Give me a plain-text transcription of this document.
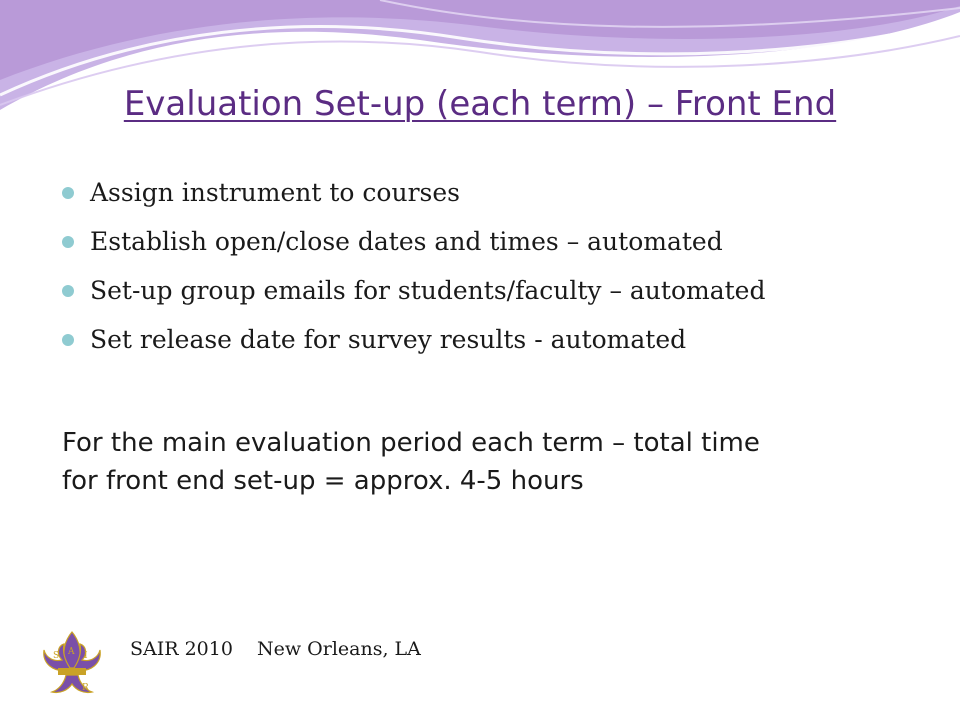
Evaluation Set-up (each term) – Front End
Assign instrument to courses
Establish open/close dates and times – automated
Set-up group emails for students/faculty – automated
Set release date for survey results - automated
For the main evaluation period each term – total time
for front end set-up = approx. 4-5 hours
S A I
R
SAIR 2010 New Orleans, LA
